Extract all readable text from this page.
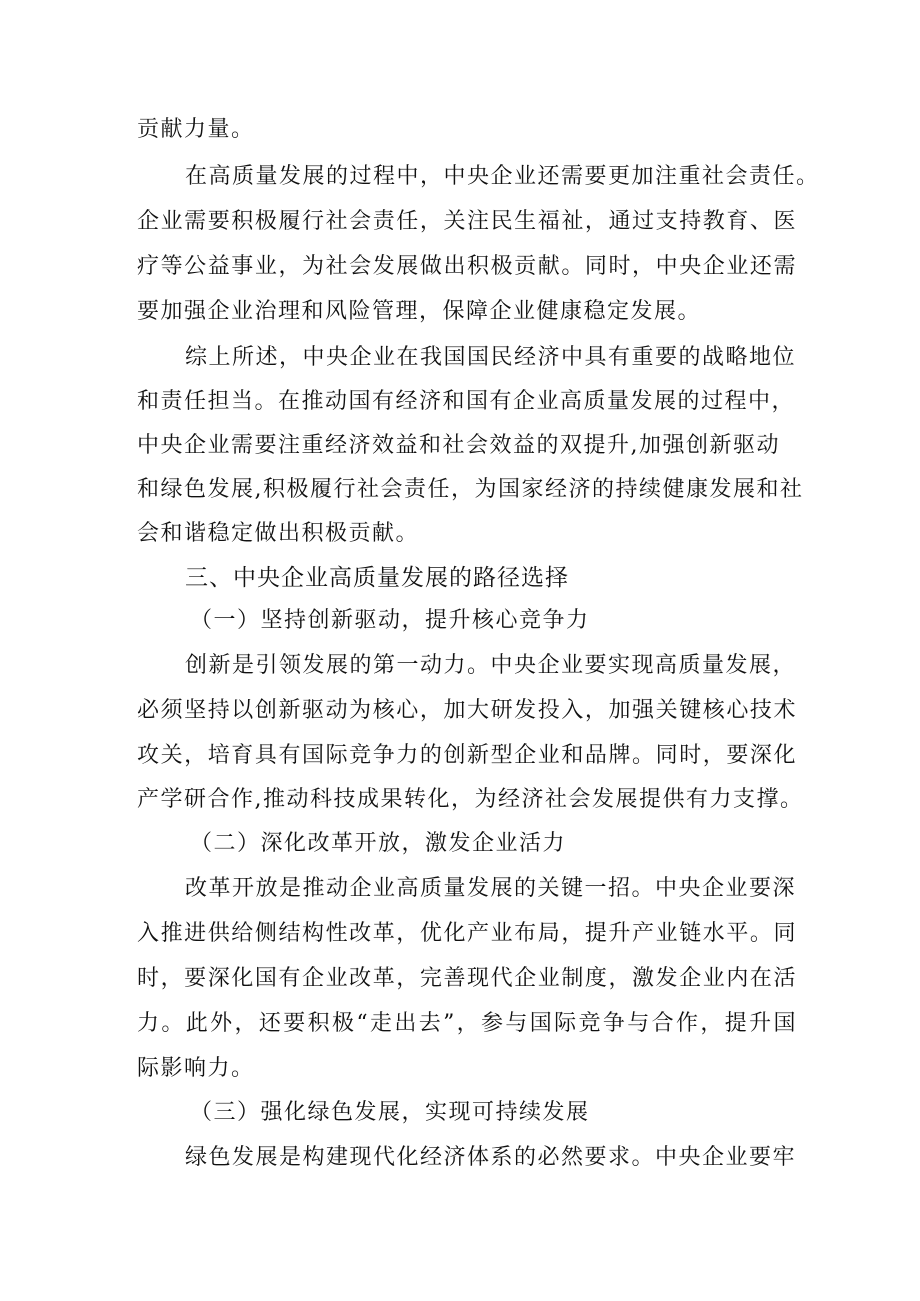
贡献力量。
在高质量发展的过程中，中央企业还需要更加注重社会责任。
企业需要积极履行社会责任，关注民生福祉，通过支持教育、医
疗等公益事业，为社会发展做出积极贡献。同时，中央企业还需
要加强企业治理和风险管理，保障企业健康稳定发展。
综上所述，中央企业在我国国民经济中具有重要的战略地位
和责任担当。在推动国有经济和国有企业高质量发展的过程中，
中央企业需要注重经济效益和社会效益的双提升,加强创新驱动
和绿色发展,积极履行社会责任，为国家经济的持续健康发展和社
会和谐稳定做出积极贡献。
三、中央企业高质量发展的路径选择
（一）坚持创新驱动，提升核心竞争力
创新是引领发展的第一动力。中央企业要实现高质量发展，
必须坚持以创新驱动为核心，加大研发投入，加强关键核心技术
攻关，培育具有国际竞争力的创新型企业和品牌。同时，要深化
产学研合作,推动科技成果转化，为经济社会发展提供有力支撑。
（二）深化改革开放，激发企业活力
改革开放是推动企业高质量发展的关键一招。中央企业要深
入推进供给侧结构性改革，优化产业布局，提升产业链水平。同
时，要深化国有企业改革，完善现代企业制度，激发企业内在活
力。此外，还要积极“走出去”，参与国际竞争与合作，提升国
际影响力。
（三）强化绿色发展，实现可持续发展
绿色发展是构建现代化经济体系的必然要求。中央企业要牢
